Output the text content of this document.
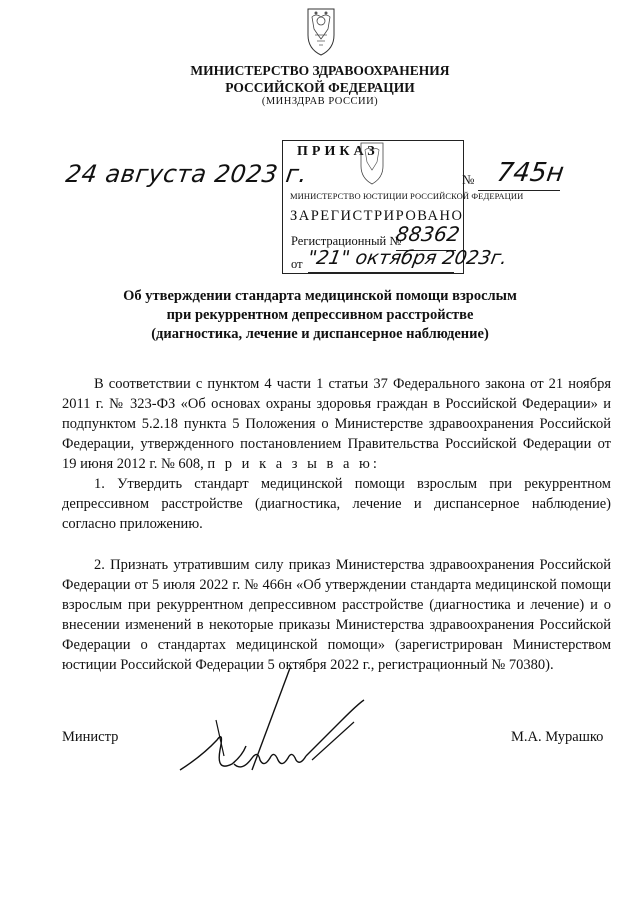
МИНИСТЕРСТВО ЗДРАВООХРАНЕНИЯ
РОССИЙСКОЙ ФЕДЕРАЦИИ
(МИНЗДРАВ РОССИИ)
24 августа 2023 г.
ПРИКАЗ
№ 745н
МИНИСТЕРСТВО ЮСТИЦИИ РОССИЙСКОЙ ФЕДЕРАЦИИ
ЗАРЕГИСТРИРОВАНО
Регистрационный №
88362
от "21" октября 2023г.
Об утверждении стандарта медицинской помощи взрослым
при рекуррентном депрессивном расстройстве
(диагностика, лечение и диспансерное наблюдение)
В соответствии с пунктом 4 части 1 статьи 37 Федерального закона от 21 ноября 2011 г. № 323-ФЗ «Об основах охраны здоровья граждан в Российской Федерации» и подпунктом 5.2.18 пункта 5 Положения о Министерстве здравоохранения Российской Федерации, утвержденного постановлением Правительства Российской Федерации от 19 июня 2012 г. № 608, п р и к а з ы в а ю:
1. Утвердить стандарт медицинской помощи взрослым при рекуррентном депрессивном расстройстве (диагностика, лечение и диспансерное наблюдение) согласно приложению.
2. Признать утратившим силу приказ Министерства здравоохранения Российской Федерации от 5 июля 2022 г. № 466н «Об утверждении стандарта медицинской помощи взрослым при рекуррентном депрессивном расстройстве (диагностика и лечение) и о внесении изменений в некоторые приказы Министерства здравоохранения Российской Федерации о стандартах медицинской помощи» (зарегистрирован Министерством юстиции Российской Федерации 5 октября 2022 г., регистрационный № 70380).
Министр	М.А. Мурашко
